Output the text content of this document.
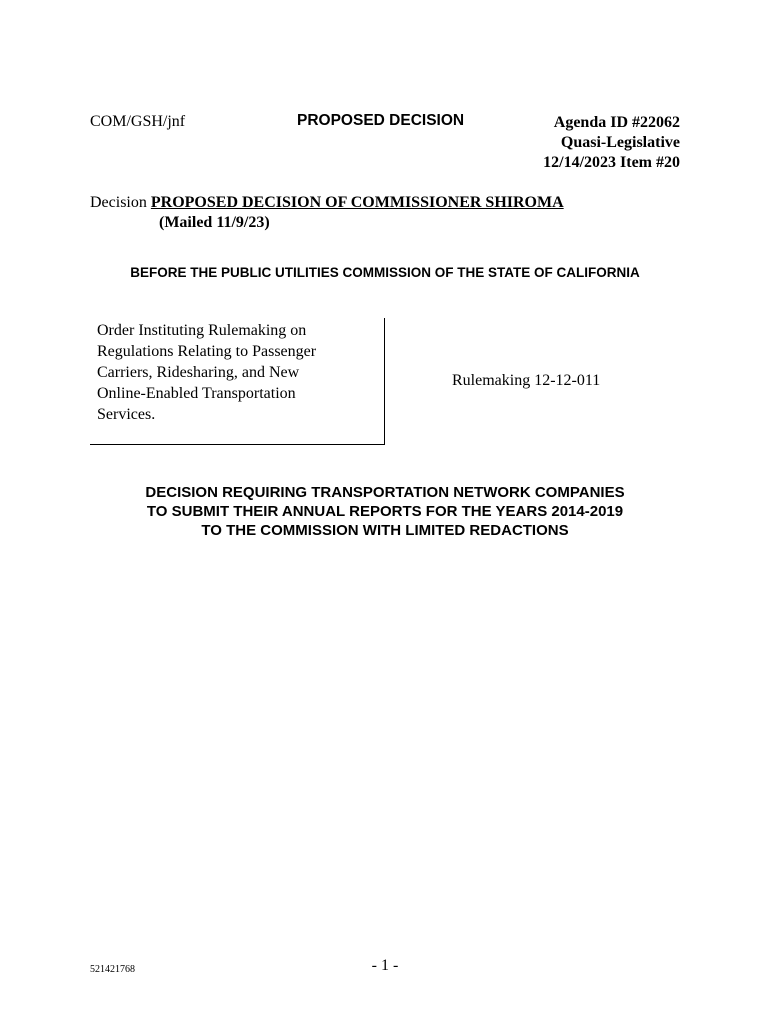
COM/GSH/jnf	PROPOSED DECISION	Agenda ID #22062
Quasi-Legislative
12/14/2023 Item #20
Decision PROPOSED DECISION OF COMMISSIONER SHIROMA
(Mailed 11/9/23)
BEFORE THE PUBLIC UTILITIES COMMISSION OF THE STATE OF CALIFORNIA
Order Instituting Rulemaking on
Regulations Relating to Passenger
Carriers, Ridesharing, and New
Online-Enabled Transportation
Services.
Rulemaking 12-12-011
DECISION REQUIRING TRANSPORTATION NETWORK COMPANIES
TO SUBMIT THEIR ANNUAL REPORTS FOR THE YEARS 2014-2019
TO THE COMMISSION WITH LIMITED REDACTIONS
521421768	- 1 -
